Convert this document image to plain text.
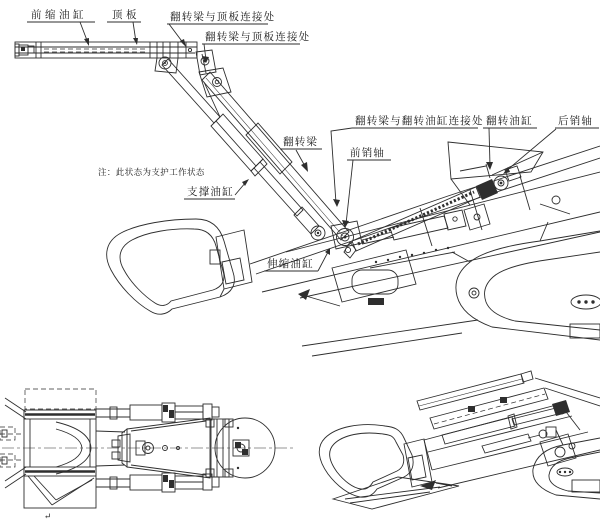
前缩油缸 顶板	翻转梁与顶板连接处
翻转梁与顶板连接处
翻转梁
翻转梁与翻转油缸连接处 翻转油缸 后销轴
前销轴
支撑油缸
伸缩油缸
注：此状态为支护工作状态
↵
